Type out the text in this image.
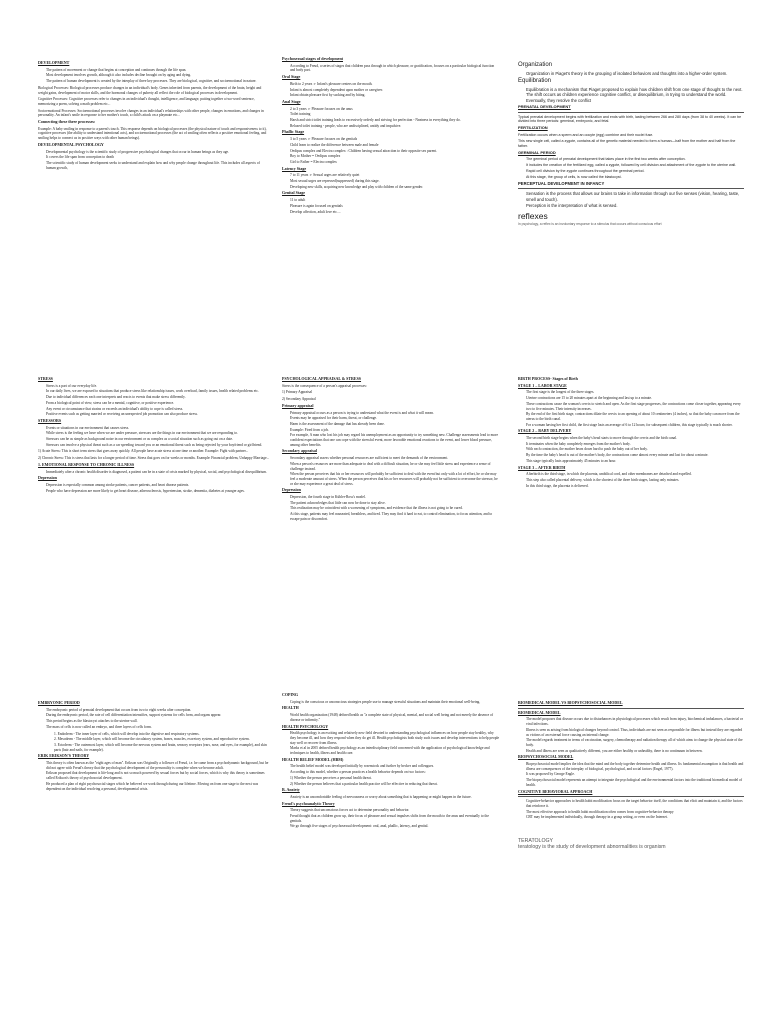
DEVELOPMENT
• The pattern of movement or change that begins at conception and continues through the life span.
• Most development involves growth, although it also includes decline brought on by aging and dying.
• The pattern of human development is created by the interplay of three key processes. They are biological, cognitive, and socioemotional in nature.

Biological Processes: Biological processes produce changes in an individual's body. Genes inherited from parents, the development of the brain, height and weight gains, development of motor skills, and the hormonal changes of puberty all reflect the role of biological processes in development.

Cognitive Processes: Cognitive processes refer to changes in an individual's thought, intelligence, and language, putting together a two-word sentence, memorizing a poem, solving a math problem etc...

Socioemotional Processes: Socioemotional processes involve changes in an individual's relationships with other people, changes in emotions, and changes in personality. An infant's smile in response to her mother's touch, a child's attack on a playmate etc...

Connecting these three processes:

Example: A baby smiling in response to a parent's touch. This response depends on biological processes (the physical nature of touch and responsiveness to it), cognitive processes (the ability to understand intentional acts), and socioemotional processes (the act of smiling often reflects a positive emotional feeling, and smiling helps to connect us in positive ways with other human beings).

DEVELOPMENTAL PSYCHOLOGY
• Developmental psychology is the scientific study of progressive psychological changes that occur in human beings as they age.
• It covers the life span from conception to death
• The scientific study of human development seeks to understand and explain how and why people change throughout life. This includes all aspects of human growth,
Psychosexual stages of development
• According to Freud, a series of stages that children pass through in which pleasure, or gratification, focuses on a particular biological function and body part.
Oral Stage
• Birth to 2 years ➢ Infant's pleasure centers on the mouth.
• Infant is almost completely dependent upon mother or caregiver.
• Infant obtain pleasure first by sucking and by biting.
Anal Stage
• 2 to 3 years ➢ Pleasure focuses on the anus
• Toilet training
• Harsh and strict toilet training leads to excessively orderly and striving for perfection - Neatness in everything they do.
• Relaxed toilet training - people, who are undisciplined, untidy and impulsive.
Phallic Stage
• 3 to 5 years ➢ Pleasure focuses on the genitals
• Child learn to realize the difference between male and female
• Oedipus complex and Electra complex : Children having sexual attraction to their opposite sex parent.
• Boy to Mother = Oedipus complex
• Girl to Father = Electra complex
Latency Stage
• 7 to 11 years ➢ Sexual urges are relatively quiet
• Most sexual urges are repressed(suppressed) during this stage.
• Developing new skills, acquiring new knowledge and play with children of the same gender.
Genital Stage
• 11 to adult
• Pleasure is again focused on genitals
• Develop affection, adult love etc....
Organization
• Organization in Piaget's theory is the grouping of isolated behaviors and thoughts into a higher-order system.
Equilibration
• Equilibration is a mechanism that Piaget proposed to explain how children shift from one stage of thought to the next. The shift occurs as children experience cognitive conflict, or disequilibrium, in trying to understand the world. Eventually, they resolve the conflict
PRENATAL DEVELOPMENT

Typical prenatal development begins with fertilization and ends with birth, lasting between 266 and 280 days (from 38 to 40 weeks). It can be divided into three periods: germinal, embryonic, and fetal.

FERTILIZATION

Fertilization occurs when a sperm and an oocyte (egg) combine and their nuclei fuse.

This new single cell, called a zygote, contains all of the genetic material needed to form a human—half from the mother and half from the father.

GERMINAL PERIOD
• The germinal period of prenatal development that takes place in the first two weeks after conception.
• It includes the creation of the fertilized egg, called a zygote, followed by cell division and attachment of the zygote to the uterine wall.
• Rapid cell division by the zygote continues throughout the germinal period.
• At this stage, the group of cells, is now called the blastocyst.
PERCEPTUAL DEVELOPMENT IN INFANCY
• Sensation is the process that allows our brains to take in information through our five senses (vision, hearing, taste, smell and touch).
• Perception is the interpretation of what is sensed.
reflexes

In psychology, a reflex is an involuntary response to a stimulus that occurs without conscious effort

STRESS
• Stress is a part of our everyday life.
• In our daily lives, we are exposed to situations that produce stress like relationship issues, work overload, family issues, health related problems etc.
• Due to individual differences each one interprets and reacts to events that make stress differently.
• From a biological point of view, stress can be a mental, cognitive, or positive experience.
• Any event or circumstance that strains or exceeds an individual's ability to cope is called stress.
• Positive events such as getting married or receiving an unexpected job promotion can also produce stress.
STRESSORS
• Events or situations in our environment that causes stress.
• While stress is the feeling we have when we are under pressure, stressors are the things in our environment that we are responding to.
• Stressors can be as simple as background noise in our environment or as complex as a social situation such as going out on a date.
• Stressors can involve a physical threat such as a car speeding toward you or an emotional threat such as being rejected by your boyfriend or girlfriend.

1) Acute Stress: This is short term stress that goes away quickly. All people have acute stress at one time or another. Example: Fight with partner...

2) Chronic Stress: This is stress that lasts for a longer period of time. Stress that goes on for weeks or months. Example: Financial problem, Unhappy Marriage...

1. EMOTIONAL RESPONSE TO CHRONIC ILLNESS
• Immediately after a chronic health disorder is diagnosed, a patient can be in a state of crisis marked by physical, social, and psychological disequilibrium.
Depression
• Depression is especially common among stroke patients, cancer patients, and heart disease patients.
• People who have depression are more likely to get heart disease, atherosclerosis, hypertension, stroke, dementia, diabetes at younger ages.
PSYCHOLOGICAL APPRAISAL & STRESS

Stress is the consequence of a person's appraisal processes:

1) Primary Appraisal

2) Secondary Appraisal

Primary appraisal
• Primary appraisal occurs as a person is trying to understand what the event is and what it will mean.
• Events may be appraised for their harm, threat, or challenge.
• Harm is the assessment of the damage that has already been done.
• Example: Fired from a job.
• For example, A man who lost his job may regard his unemployment as an opportunity to try something new. Challenge assessments lead to more confident expectations that one can cope with the stressful event, more favorable emotional reactions to the event, and lower blood pressure, among other benefits.
Secondary appraisal
• Secondary appraisal assess whether personal resources are sufficient to meet the demands of the environment.
• When a person's resources are more than adequate to deal with a difficult situation, he or she may feel little stress and experience a sense of challenge instead.
• When the person perceives that his or her resources will probably be sufficient to deal with the event but only with a lot of effort, he or she may feel a moderate amount of stress. When the person perceives that his or her resources will probably not be sufficient to overcome the stressor, he or she may experience a great deal of stress.
Depression
• Depression, the fourth stage in Kübler-Ross's model.
• The patient acknowledges that little can now be done to stay alive.
• This realization may be coincident with a worsening of symptoms, and evidence that the illness is not going to be cured.
• At this stage, patients may feel nauseated, breathless, and tired. They may find it hard to eat, to control elimination, to focus attention, and to escape pain or discomfort.
BIRTH PROCESS- Stages of Birth
STAGE 1 – LABOR STAGE
• The first stage is the longest of the three stages.
• Uterine contractions are 15 to 20 minutes apart at the beginning and last up to a minute.
• These contractions cause the woman's cervix to stretch and open. As the first stage progresses, the contractions come closer together, appearing every two to five minutes. Their intensity increases.
• By the end of the first birth stage, contractions dilate the cervix to an opening of about 10 centimeters (4 inches), so that the baby can move from the uterus to the birth canal.
• For a woman having her first child, the first stage lasts an average of 6 to 12 hours; for subsequent children, this stage typically is much shorter.
STAGE 2 – BABY DELIVERY
• The second birth stage begins when the baby's head starts to move through the cervix and the birth canal.
• It terminates when the baby completely emerges from the mother's body.
• With each contraction, the mother bears down hard to push the baby out of her body.
• By the time the baby's head is out of the mother's body, the contractions come almost every minute and last for about a minute.
• This stage typically lasts approximately 45 minutes to an hour.
STAGE 3 – AFTER BIRTH
• Afterbirth is the third stage, in which the placenta, umbilical cord, and other membranes are detached and expelled.
• This step also called placental delivery, which is the shortest of the three birth stages, lasting only minutes.
• In this third stage, the placenta is delivered.
EMBRYONIC PERIOD
• The embryonic period of prenatal development that occurs from two to eight weeks after conception.
• During the embryonic period, the rate of cell differentiation intensifies, support systems for cells form, and organs appear.
• This period begins as the blastocyst attaches to the uterine wall.
• The mass of cells is now called an embryo, and three layers of cells form.
1. Endoderm - The inner layer of cells, which will develop into the digestive and respiratory systems.
2. Mesoderm - The middle layer, which will become the circulatory system, bones, muscles, excretory system, and reproductive system.
3. Ectoderm - The outermost layer, which will become the nervous system and brain, sensory receptors (ears, nose, and eyes, for example), and skin parts (hair and nails, for example).
ERIK ERIKSON'S THEORY
• This theory is often known as the "eight ages of man". Erikson was Originally a follower of Freud, i.e. he came from a psychodynamic background, but he did not agree with Freud's theory that the psychological development of the personality is complete when we become adult.
• Erikson proposed that development is life-long and is not so much powered by sexual forces but by social forces, which is why this theory is sometimes called Erikson's theory of psychosocial development.
• He produced a plan of eight psychosocial stages which he believed we work through during our lifetime. Moving on from one stage to the next was dependent on the individual resolving a personal, developmental crisis.
COPING
• Coping is the conscious or unconscious strategies people use to manage stressful situations and maintain their emotional well-being.
HEALTH
• World health organization (1948) defined health as "a complete state of physical, mental, and social well being and not merely the absence of disease or infirmity."
HEALTH PSYCHOLOGY
• Health psychology is an exciting and relatively new field devoted to understanding psychological influences on how people stay healthy, why they become ill, and how they respond when they do get ill. Health psychologists both study such issues and develop interventions to help people stay well or recover from illness.
• Marks et al in 2005 defined health psychology as an interdisciplinary field concerned with the application of psychological knowledge and techniques to health, illness and health care.
HEALTH BELIEF MODEL (HBM)
• The health belief model was developed initially by rosenstock and further by becker and colleagues.
• According to this model, whether a person practices a health behavior depends on two factors:
• 1) Whether the person perceives a personal health threat.
• 2) Whether the person believes that a particular health practice will be effective in reducing that threat.
B. Anxiety
• Anxiety is an uncomfortable feeling of nervousness or worry about something that is happening or might happen in the future.
Freud's psychoanalytic Theory
• Theory suggests that unconscious forces act to determine personality and behavior.
• Freud thought that as children grow up, their focus of pleasure and sexual impulses shifts from the mouth to the anus and eventually to the genitals.
• We go through five stages of psychosexual development: oral, anal, phallic, latency, and genital.
BIOMEDICAL MODEL VS BIOPSYCHOSOCIAL MODEL
BIOMEDICAL MODEL
• The model proposes that disease occurs due to disturbances in physiological processes which result from injury, biochemical imbalances, a bacterial or viral infections.
• Illness is seen as arising from biological changes beyond control. Thus, individuals are not seen as responsible for illness but instead they are regarded as victims of an external force causing an internal change.
• The model regards treatment in terms of vaccination, surgery, chemotherapy and radiation therapy all of which aims to change the physical state of the body.
• Health and illness are seen as qualitatively different, you are either healthy or unhealthy, there is no continuum in between.
BIOPSYCHOSOCIAL MODEL
• Biopsychosocial model implies the idea that the mind and the body together determine health and illness. Its fundamental assumption is that health and illness are consequences of the interplay of biological, psychological, and social factors (Engel, 1977).
• It was proposed by George Engle.
• The biopsychosocial model represents an attempt to integrate the psychological and the environmental factors into the traditional biomedical model of health.
COGNITIVE BEHAVIORAL APPROACH
• Cognitive-behavior approaches to health habit modification focus on the target behavior itself, the conditions that elicit and maintain it, and the factors that reinforce it.
• The most effective approach to health habit modification often comes from cognitive-behavior therapy
• CBT may be implemented individually, through therapy in a group setting, or even on the Internet.
TERATOLOGY
teratology is the study of development abnormalities is organism
